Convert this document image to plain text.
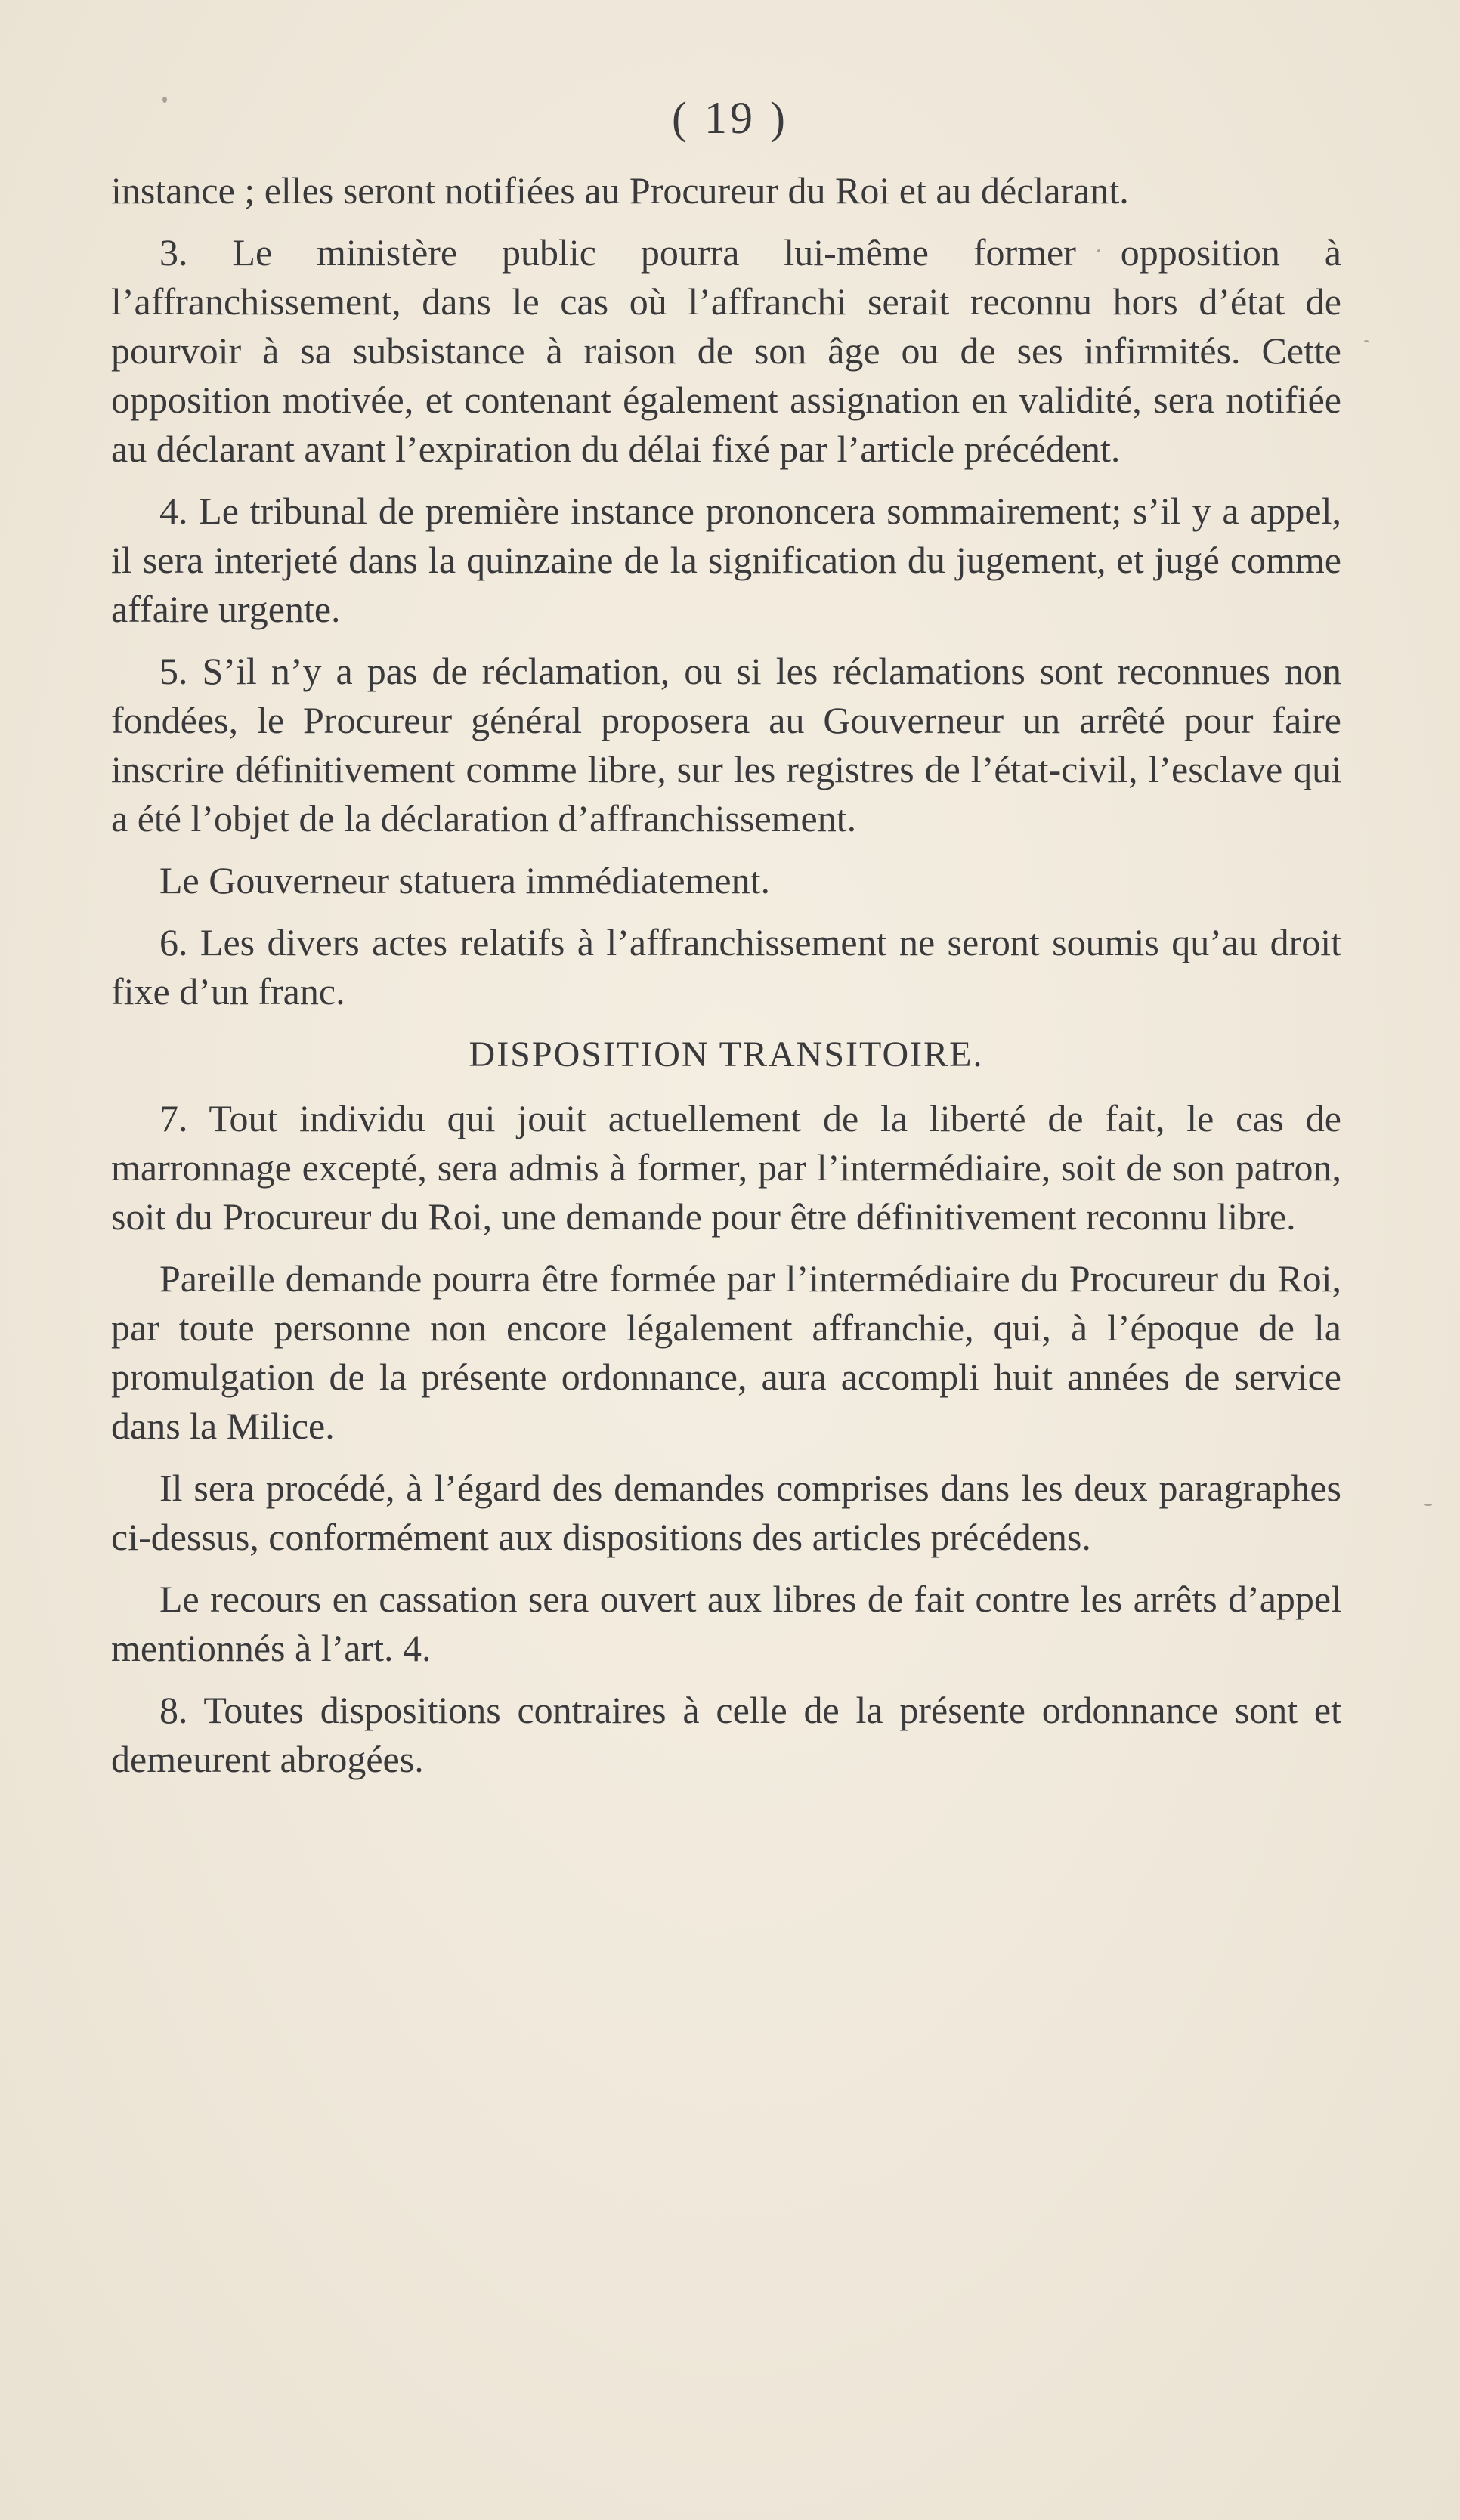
( 19 )

instance ; elles seront notifiées au Procureur du Roi et au déclarant.

3. Le ministère public pourra lui-même former opposition à l’affranchissement, dans le cas où l’affranchi serait reconnu hors d’état de pourvoir à sa subsistance à raison de son âge ou de ses infirmités. Cette opposition motivée, et contenant également assignation en validité, sera notifiée au déclarant avant l’expiration du délai fixé par l’article précédent.

4. Le tribunal de première instance prononcera sommairement; s’il y a appel, il sera interjeté dans la quinzaine de la signification du jugement, et jugé comme affaire urgente.

5. S’il n’y a pas de réclamation, ou si les réclamations sont reconnues non fondées, le Procureur général proposera au Gouverneur un arrêté pour faire inscrire définitivement comme libre, sur les registres de l’état-civil, l’esclave qui a été l’objet de la déclaration d’affranchissement.

Le Gouverneur statuera immédiatement.

6. Les divers actes relatifs à l’affranchissement ne seront soumis qu’au droit fixe d’un franc.

DISPOSITION TRANSITOIRE.

7. Tout individu qui jouit actuellement de la liberté de fait, le cas de marronnage excepté, sera admis à former, par l’intermédiaire, soit de son patron, soit du Procureur du Roi, une demande pour être définitivement reconnu libre.

Pareille demande pourra être formée par l’intermédiaire du Procureur du Roi, par toute personne non encore légalement affranchie, qui, à l’époque de la promulgation de la présente ordonnance, aura accompli huit années de service dans la Milice.

Il sera procédé, à l’égard des demandes comprises dans les deux paragraphes ci-dessus, conformément aux dispositions des articles précédens.

Le recours en cassation sera ouvert aux libres de fait contre les arrêts d’appel mentionnés à l’art. 4.

8. Toutes dispositions contraires à celle de la présente ordonnance sont et demeurent abrogées.
